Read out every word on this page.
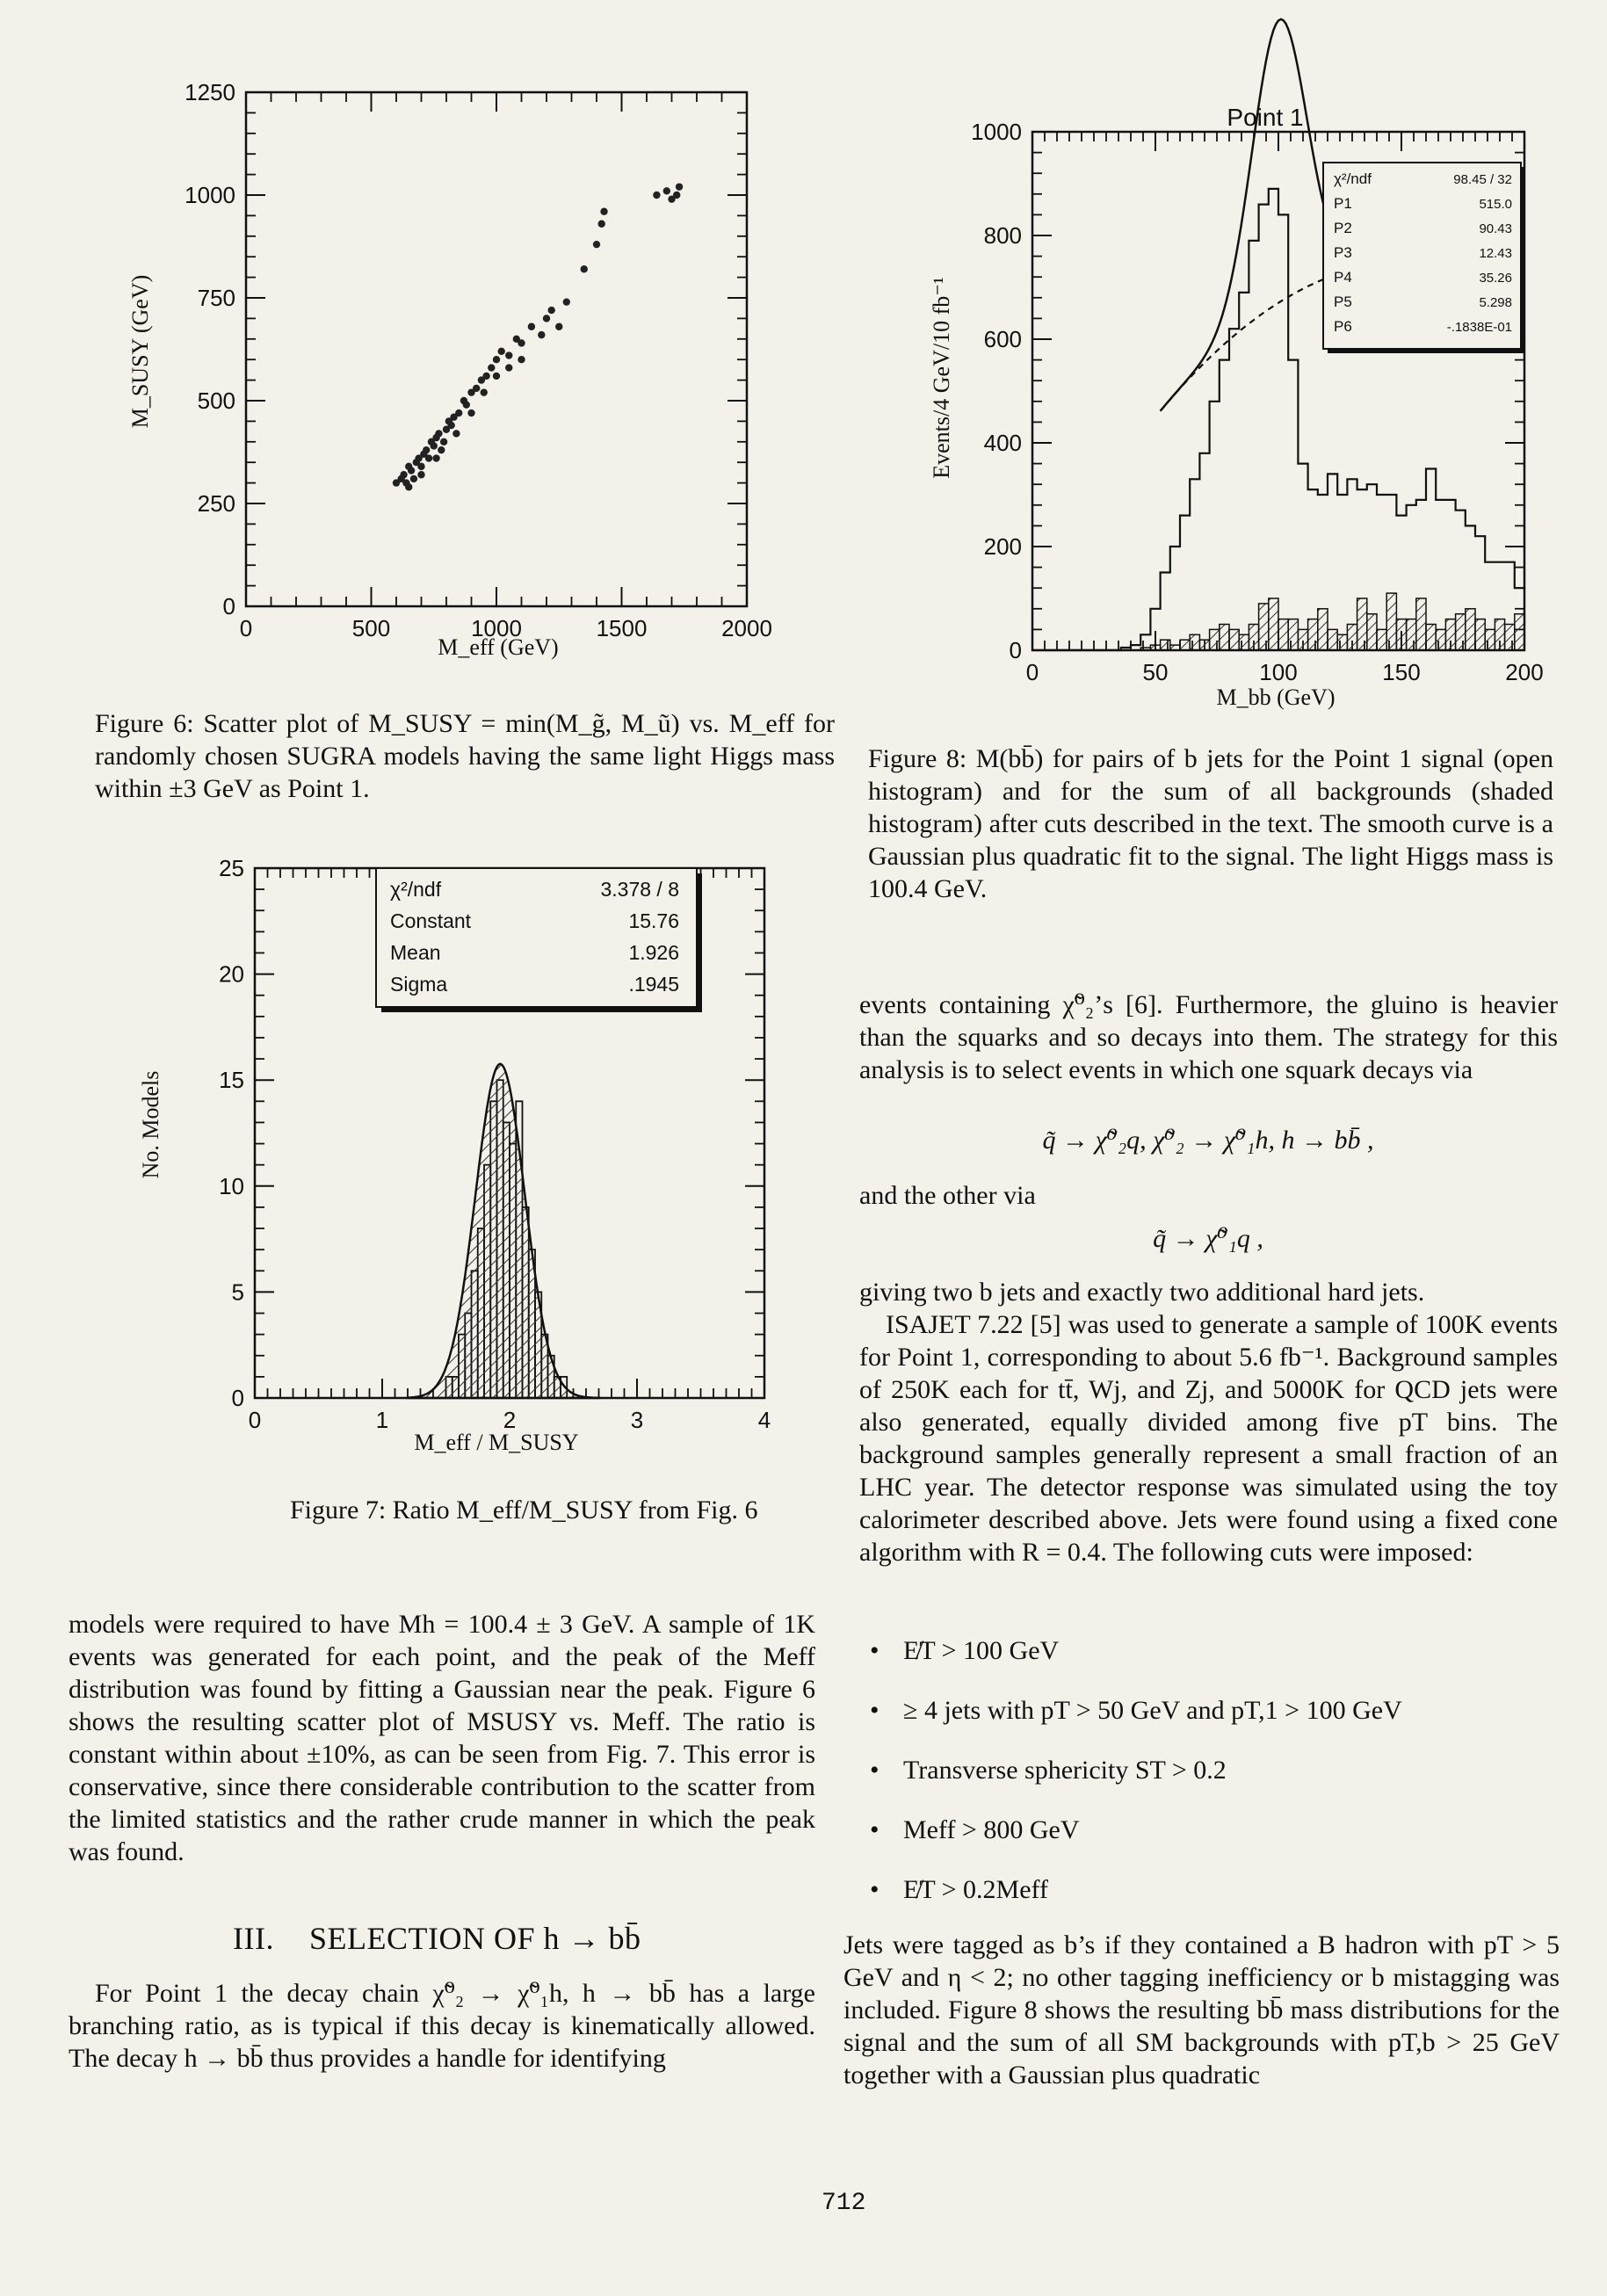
0	500	1000	1500	2000
0
250
500
750
1000
1250
M_eff (GeV)
M_SUSY (GeV)
Figure 6: Scatter plot of M_SUSY = min(M_g̃, M_ũ) vs. M_eff for randomly chosen SUGRA models having the same light Higgs mass within ±3 GeV as Point 1.
0	1	2	3	4
0
5
10
15
20
25
χ²/ndf	3.378 / 8
Constant	15.76
Mean	1.926
Sigma	.1945
M_eff / M_SUSY
No. Models
Figure 7: Ratio M_eff/M_SUSY from Fig. 6
0	50	100	150	200
0
200
400
600
800
1000
χ²/ndf	98.45 / 32
P1	515.0
P2	90.43
P3	12.43
P4	35.26
P5	5.298
P6	-.1838E-01
Point 1
M_bb (GeV)
Events/4 GeV/10 fb⁻¹
Figure 8: M(bb̄) for pairs of b jets for the Point 1 signal (open histogram) and for the sum of all backgrounds (shaded histogram) after cuts described in the text. The smooth curve is a Gaussian plus quadratic fit to the signal. The light Higgs mass is 100.4 GeV.
models were required to have Mh = 100.4 ± 3 GeV. A sample of 1K events was generated for each point, and the peak of the Meff distribution was found by fitting a Gaussian near the peak. Figure 6 shows the resulting scatter plot of MSUSY vs. Meff. The ratio is constant within about ±10%, as can be seen from Fig. 7. This error is conservative, since there considerable contribution to the scatter from the limited statistics and the rather crude manner in which the peak was found.
III. SELECTION OF h → bb̄
For Point 1 the decay chain χ̃⁰₂ → χ̃⁰₁h, h → bb̄ has a large branching ratio, as is typical if this decay is kinematically allowed. The decay h → bb̄ thus provides a handle for identifying
events containing χ̃⁰₂’s [6]. Furthermore, the gluino is heavier than the squarks and so decays into them. The strategy for this analysis is to select events in which one squark decays via
q̃ → χ̃⁰₂q, χ̃⁰₂ → χ̃⁰₁h, h → bb̄ ,
and the other via
q̃ → χ̃⁰₁q ,
giving two b jets and exactly two additional hard jets.
ISAJET 7.22 [5] was used to generate a sample of 100K events for Point 1, corresponding to about 5.6 fb⁻¹. Background samples of 250K each for tt̄, Wj, and Zj, and 5000K for QCD jets were also generated, equally divided among five pT bins. The background samples generally represent a small fraction of an LHC year. The detector response was simulated using the toy calorimeter described above. Jets were found using a fixed cone algorithm with R = 0.4. The following cuts were imposed:
• E̸T > 100 GeV
• ≥ 4 jets with pT > 50 GeV and pT,1 > 100 GeV
• Transverse sphericity ST > 0.2
• Meff > 800 GeV
• E̸T > 0.2Meff
Jets were tagged as b’s if they contained a B hadron with pT > 5 GeV and η < 2; no other tagging inefficiency or b mistagging was included. Figure 8 shows the resulting bb̄ mass distributions for the signal and the sum of all SM backgrounds with pT,b > 25 GeV together with a Gaussian plus quadratic
712
